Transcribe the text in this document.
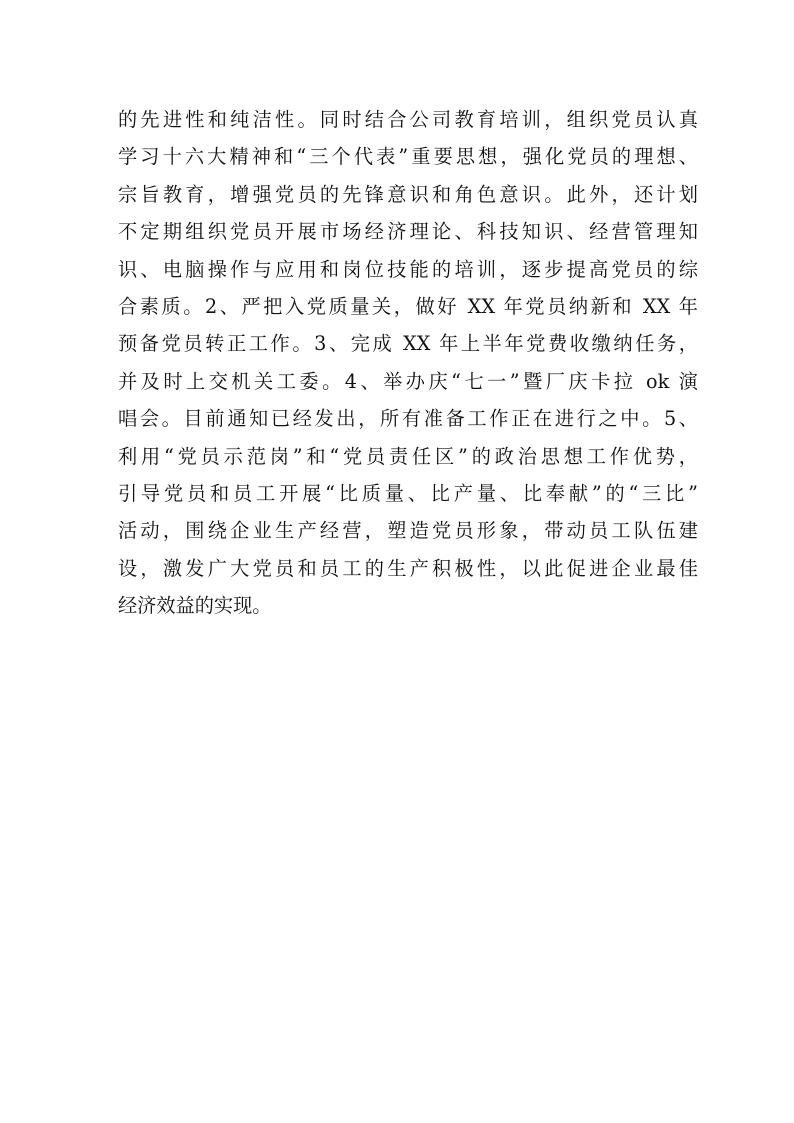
的先进性和纯洁性。同时结合公司教育培训，组织党员认真
学习十六大精神和“三个代表”重要思想，强化党员的理想、
宗旨教育，增强党员的先锋意识和角色意识。此外，还计划
不定期组织党员开展市场经济理论、科技知识、经营管理知
识、电脑操作与应用和岗位技能的培训，逐步提高党员的综
合素质。2、严把入党质量关，做好 XX 年党员纳新和 XX 年
预备党员转正工作。3、完成 XX 年上半年党费收缴纳任务，
并及时上交机关工委。4、举办庆“七一”暨厂庆卡拉 ok 演
唱会。目前通知已经发出，所有准备工作正在进行之中。5、
利用“党员示范岗”和“党员责任区”的政治思想工作优势，
引导党员和员工开展“比质量、比产量、比奉献”的“三比”
活动，围绕企业生产经营，塑造党员形象，带动员工队伍建
设，激发广大党员和员工的生产积极性，以此促进企业最佳
经济效益的实现。
